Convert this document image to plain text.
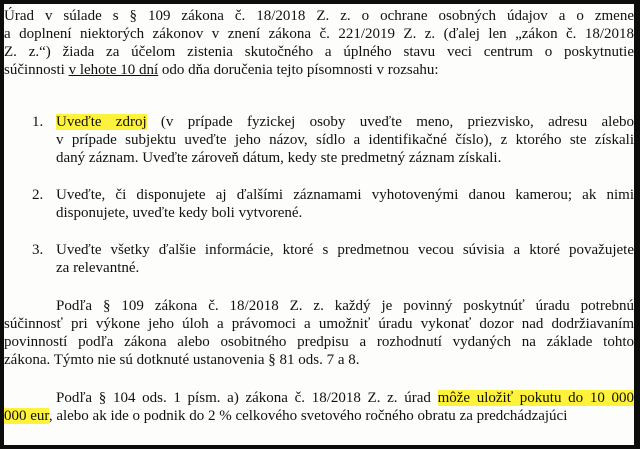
Úrad v súlade s § 109 zákona č. 18/2018 Z. z. o ochrane osobných údajov a o zmene
a doplnení niektorých zákonov v znení zákona č. 221/2019 Z. z. (ďalej len „zákon č. 18/2018
Z. z.“) žiada za účelom zistenia skutočného a úplného stavu veci centrum o poskytnutie
súčinnosti v lehote 10 dní odo dňa doručenia tejto písomnosti v rozsahu:
1. Uveďte zdroj (v prípade fyzickej osoby uveďte meno, priezvisko, adresu alebo
v prípade subjektu uveďte jeho názov, sídlo a identifikačné číslo), z ktorého ste získali
daný záznam. Uveďte zároveň dátum, kedy ste predmetný záznam získali.
2. Uveďte, či disponujete aj ďalšími záznamami vyhotovenými danou kamerou; ak nimi
disponujete, uveďte kedy boli vytvorené.
3. Uveďte všetky ďalšie informácie, ktoré s predmetnou vecou súvisia a ktoré považujete
za relevantné.
Podľa § 109 zákona č. 18/2018 Z. z. každý je povinný poskytnúť úradu potrebnú
súčinnosť pri výkone jeho úloh a právomoci a umožniť úradu vykonať dozor nad dodržiavaním
povinností podľa zákona alebo osobitného predpisu a rozhodnutí vydaných na základe tohto
zákona. Týmto nie sú dotknuté ustanovenia § 81 ods. 7 a 8.
Podľa § 104 ods. 1 písm. a) zákona č. 18/2018 Z. z. úrad môže uložiť pokutu do 10 000
000 eur, alebo ak ide o podnik do 2 % celkového svetového ročného obratu za predchádzajúci
